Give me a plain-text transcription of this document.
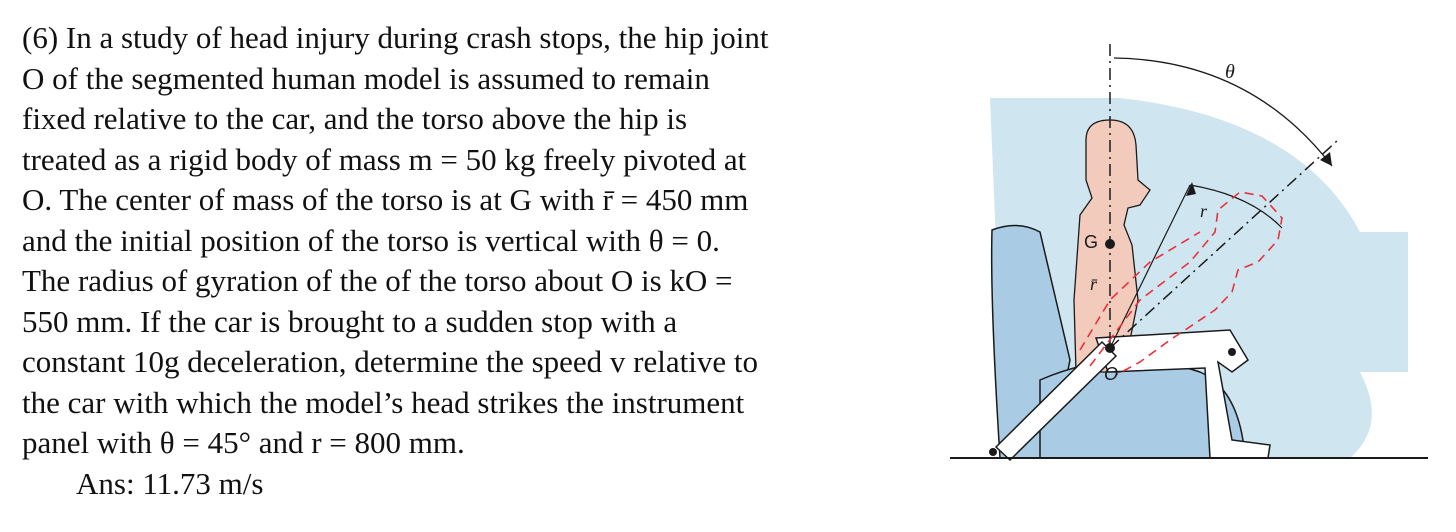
(6) In a study of head injury during crash stops, the hip joint
O of the segmented human model is assumed to remain
fixed relative to the car, and the torso above the hip is
treated as a rigid body of mass m = 50 kg freely pivoted at
O. The center of mass of the torso is at G with r̄ = 450 mm
and the initial position of the torso is vertical with θ = 0.
The radius of gyration of the of the torso about O is kO =
550 mm. If the car is brought to a sudden stop with a
constant 10g deceleration, determine the speed v relative to
the car with which the model’s head strikes the instrument
panel with θ = 45° and r = 800 mm.
Ans: 11.73 m/s
θ
r
G
r̄
O
